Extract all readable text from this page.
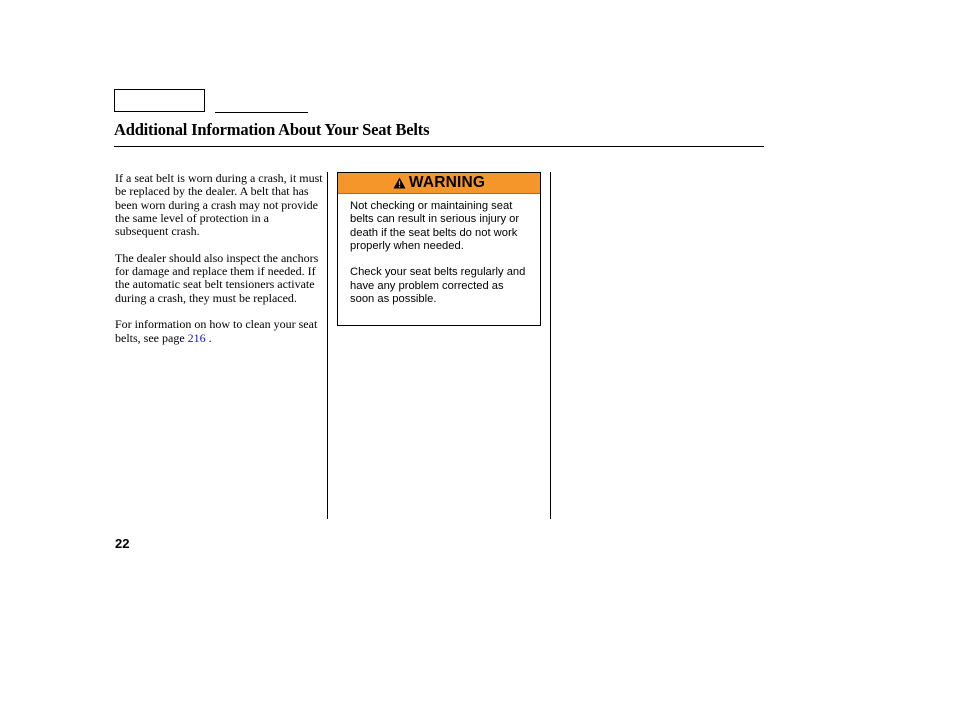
Additional Information About Your Seat Belts

If a seat belt is worn during a crash, it must be replaced by the dealer. A belt that has been worn during a crash may not provide the same level of protection in a subsequent crash.

The dealer should also inspect the anchors for damage and replace them if needed. If the automatic seat belt tensioners activate during a crash, they must be replaced.

For information on how to clean your seat belts, see page 216 .

WARNING

Not checking or maintaining seat belts can result in serious injury or death if the seat belts do not work properly when needed.

Check your seat belts regularly and have any problem corrected as soon as possible.

22
